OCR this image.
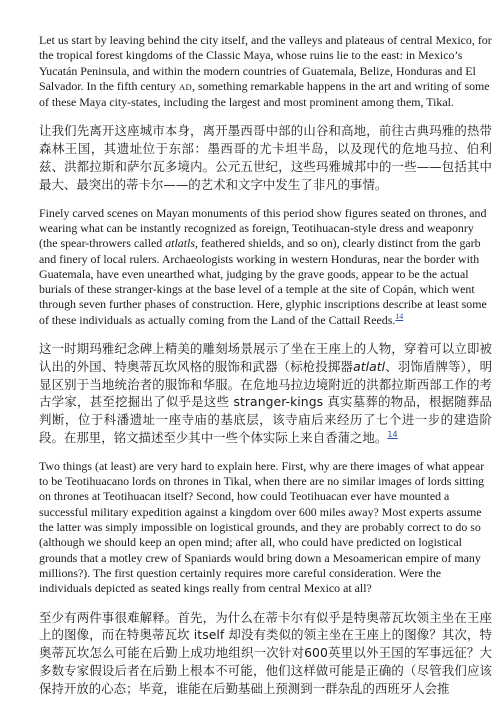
Let us start by leaving behind the city itself, and the valleys and plateaus of central Mexico, for the tropical forest kingdoms of the Classic Maya, whose ruins lie to the east: in Mexico’s Yucatán Peninsula, and within the modern countries of Guatemala, Belize, Honduras and El Salvador. In the fifth century AD, something remarkable happens in the art and writing of some of these Maya city-states, including the largest and most prominent among them, Tikal.

让我们先离开这座城市本身，离开墨西哥中部的山谷和高地，前往古典玛雅的热带森林王国，其遗址位于东部：墨西哥的尤卡坦半岛，以及现代的危地马拉、伯利兹、洪都拉斯和萨尔瓦多境内。公元五世纪，这些玛雅城邦中的一些——包括其中最大、最突出的蒂卡尔——的艺术和文字中发生了非凡的事情。

Finely carved scenes on Mayan monuments of this period show figures seated on thrones, and wearing what can be instantly recognized as foreign, Teotihuacan-style dress and weaponry (the spear-throwers called atlatls, feathered shields, and so on), clearly distinct from the garb and finery of local rulers. Archaeologists working in western Honduras, near the border with Guatemala, have even unearthed what, judging by the grave goods, appear to be the actual burials of these stranger-kings at the base level of a temple at the site of Copán, which went through seven further phases of construction. Here, glyphic inscriptions describe at least some of these individuals as actually coming from the Land of the Cattail Reeds.$^{14}$

这一时期玛雅纪念碑上精美的雕刻场景展示了坐在王座上的人物，穿着可以立即被认出的外国、特奥蒂瓦坎风格的服饰和武器（标枪投掷器atlatl、羽饰盾牌等），明显区别于当地统治者的服饰和华服。在危地马拉边境附近的洪都拉斯西部工作的考古学家，甚至挖掘出了似乎是这些 stranger-kings 真实墓葬的物品，根据随葬品判断，位于科潘遗址一座寺庙的基底层，该寺庙后来经历了七个进一步的建造阶段。在那里，铭文描述至少其中一些个体实际上来自香蒲之地。$^{14}$

Two things (at least) are very hard to explain here. First, why are there images of what appear to be Teotihuacano lords on thrones in Tikal, when there are no similar images of lords sitting on thrones at Teotihuacan itself? Second, how could Teotihuacan ever have mounted a successful military expedition against a kingdom over 600 miles away? Most experts assume the latter was simply impossible on logistical grounds, and they are probably correct to do so (although we should keep an open mind; after all, who could have predicted on logistical grounds that a motley crew of Spaniards would bring down a Mesoamerican empire of many millions?). The first question certainly requires more careful consideration. Were the individuals depicted as seated kings really from central Mexico at all?

至少有两件事很难解释。首先，为什么在蒂卡尔有似乎是特奥蒂瓦坎领主坐在王座上的图像，而在特奥蒂瓦坎 itself 却没有类似的领主坐在王座上的图像？其次，特奥蒂瓦坎怎么可能在后勤上成功地组织一次针对600英里以外王国的军事远征？大多数专家假设后者在后勤上根本不可能，他们这样做可能是正确的（尽管我们应该保持开放的心态；毕竟，谁能在后勤基础上预测到一群杂乱的西班牙人会推
